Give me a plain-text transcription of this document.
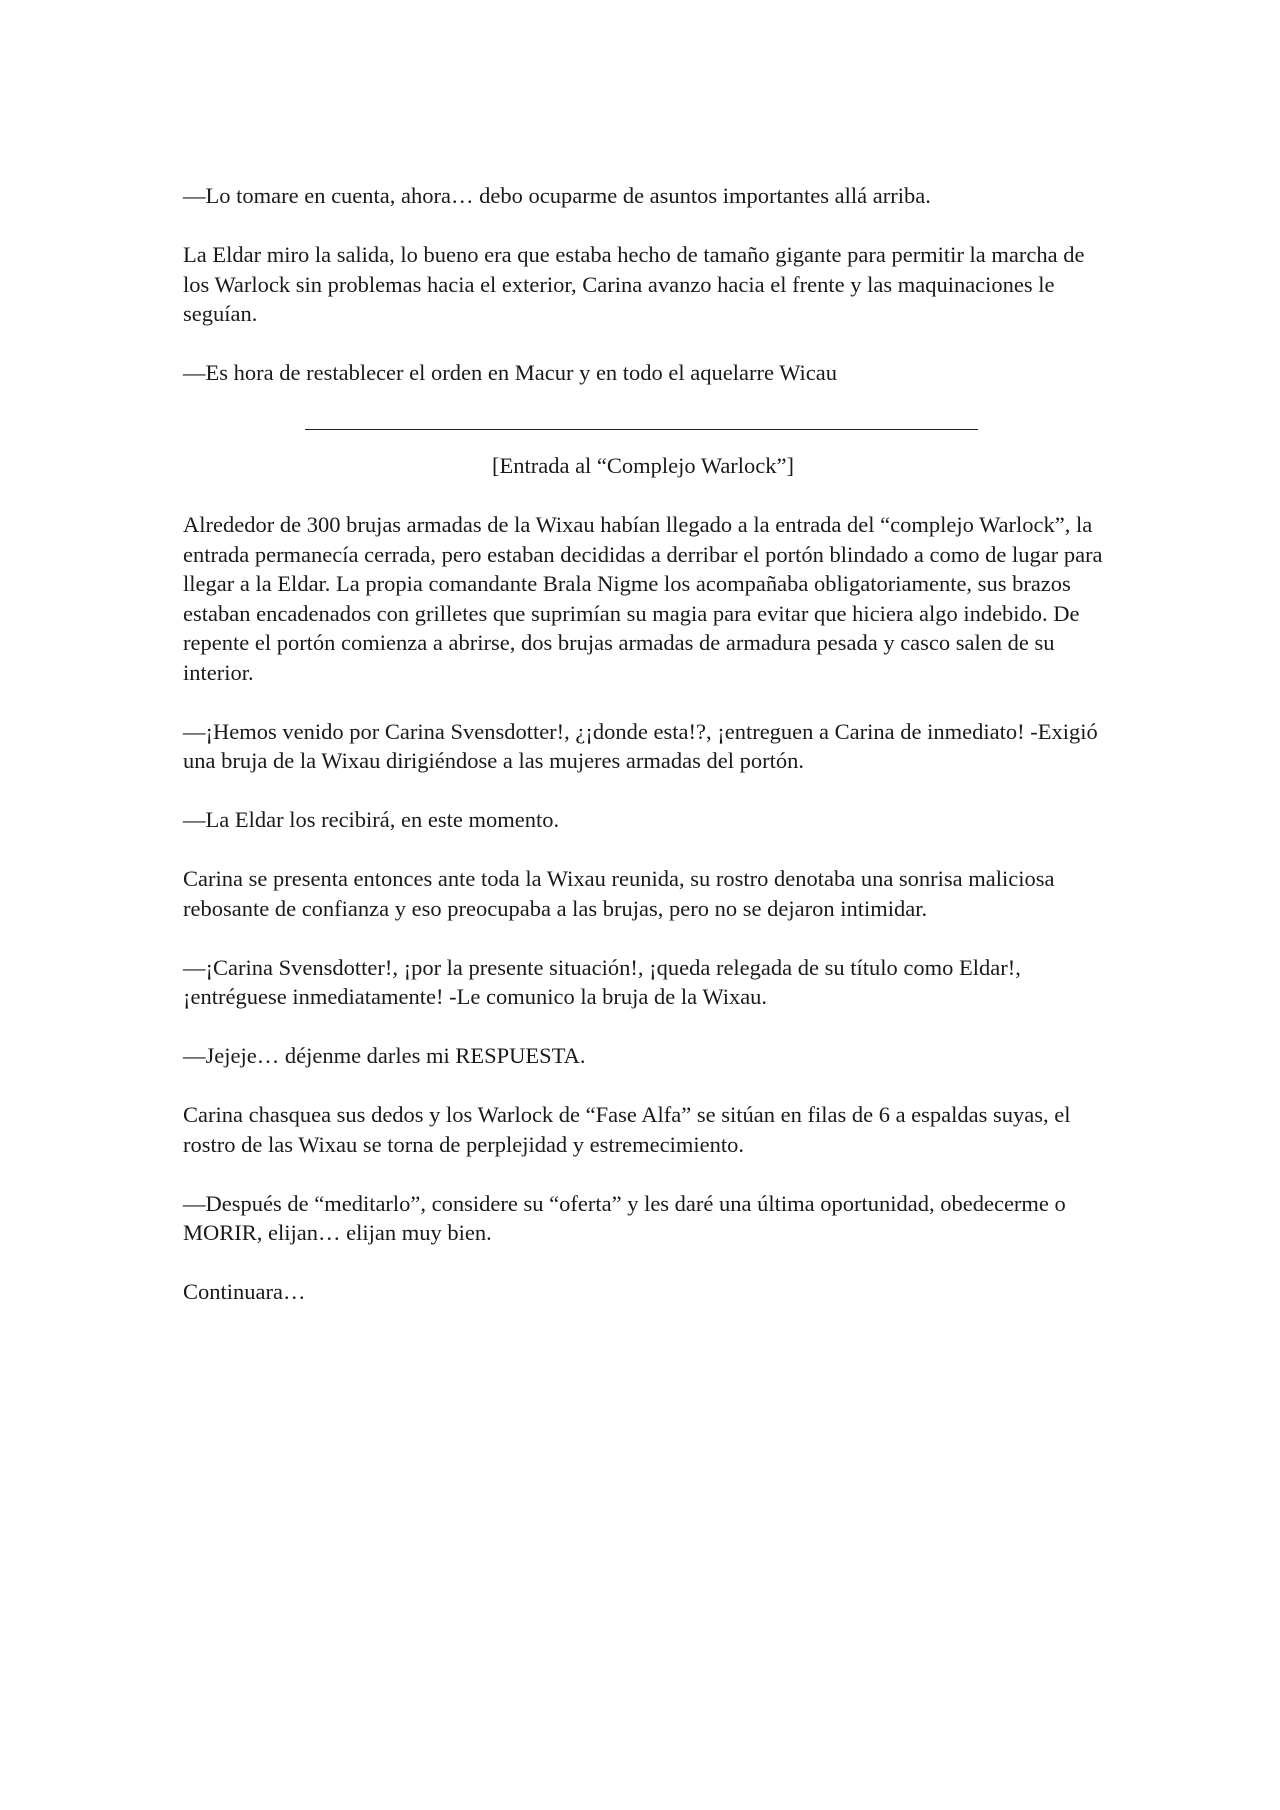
—Lo tomare en cuenta, ahora… debo ocuparme de asuntos importantes allá arriba.

La Eldar miro la salida, lo bueno era que estaba hecho de tamaño gigante para permitir la marcha de los Warlock sin problemas hacia el exterior, Carina avanzo hacia el frente y las maquinaciones le seguían.

—Es hora de restablecer el orden en Macur y en todo el aquelarre Wicau

[Entrada al “Complejo Warlock”]

Alrededor de 300 brujas armadas de la Wixau habían llegado a la entrada del “complejo Warlock”, la entrada permanecía cerrada, pero estaban decididas a derribar el portón blindado a como de lugar para llegar a la Eldar. La propia comandante Brala Nigme los acompañaba obligatoriamente, sus brazos estaban encadenados con grilletes que suprimían su magia para evitar que hiciera algo indebido. De repente el portón comienza a abrirse, dos brujas armadas de armadura pesada y casco salen de su interior.

—¡Hemos venido por Carina Svensdotter!, ¿¡donde esta!?, ¡entreguen a Carina de inmediato! -Exigió una bruja de la Wixau dirigiéndose a las mujeres armadas del portón.

—La Eldar los recibirá, en este momento.

Carina se presenta entonces ante toda la Wixau reunida, su rostro denotaba una sonrisa maliciosa rebosante de confianza y eso preocupaba a las brujas, pero no se dejaron intimidar.

—¡Carina Svensdotter!, ¡por la presente situación!, ¡queda relegada de su título como Eldar!, ¡entréguese inmediatamente! -Le comunico la bruja de la Wixau.

—Jejeje… déjenme darles mi RESPUESTA.

Carina chasquea sus dedos y los Warlock de “Fase Alfa” se sitúan en filas de 6 a espaldas suyas, el rostro de las Wixau se torna de perplejidad y estremecimiento.

—Después de “meditarlo”, considere su “oferta” y les daré una última oportunidad, obedecerme o MORIR, elijan… elijan muy bien.

Continuara…
